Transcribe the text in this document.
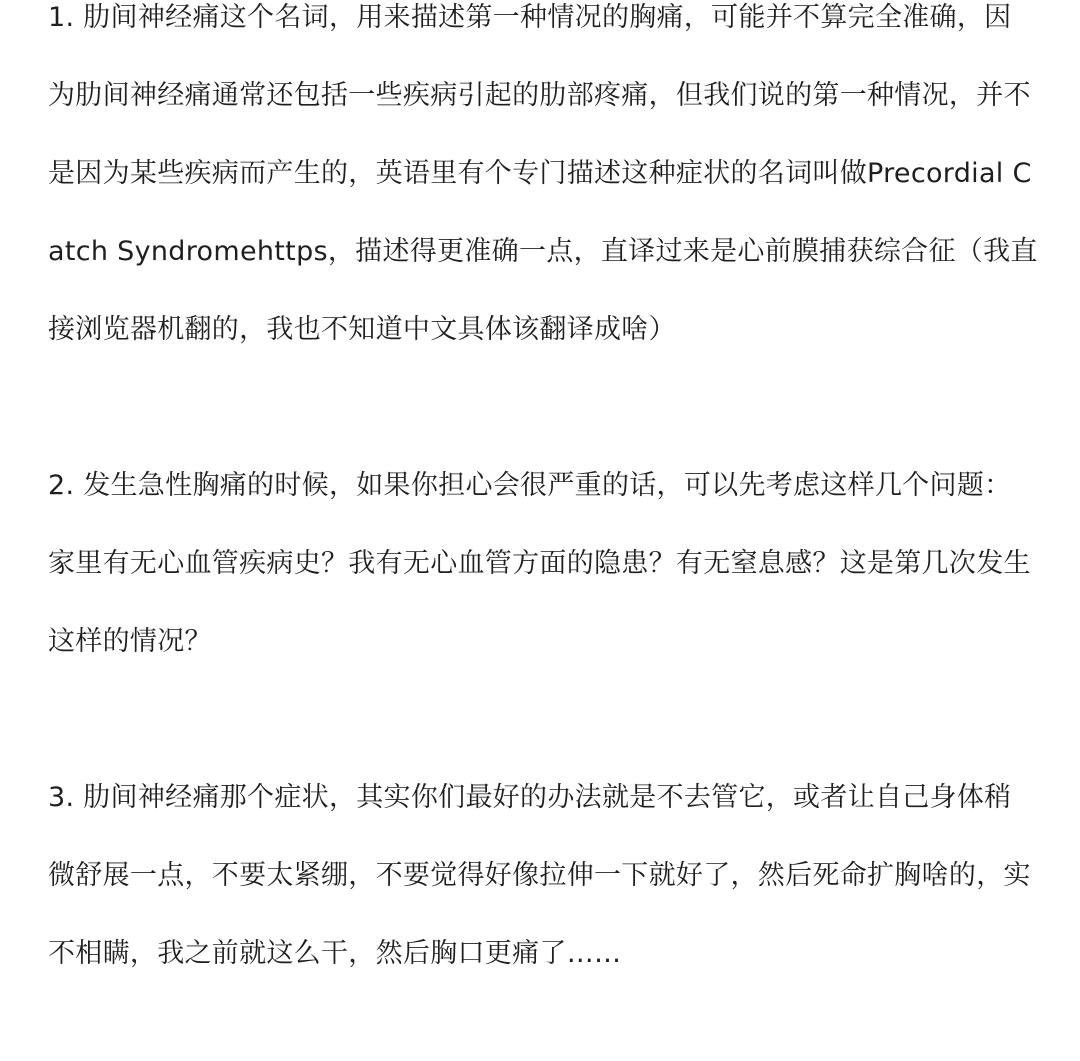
1. 肋间神经痛这个名词，用来描述第一种情况的胸痛，可能并不算完全准确，因为肋间神经痛通常还包括一些疾病引起的肋部疼痛，但我们说的第一种情况，并不是因为某些疾病而产生的，英语里有个专门描述这种症状的名词叫做Precordial Catch Syndromehttps，描述得更准确一点，直译过来是心前膜捕获综合征（我直接浏览器机翻的，我也不知道中文具体该翻译成啥）

2. 发生急性胸痛的时候，如果你担心会很严重的话，可以先考虑这样几个问题：家里有无心血管疾病史？我有无心血管方面的隐患？有无窒息感？这是第几次发生这样的情况？

3. 肋间神经痛那个症状，其实你们最好的办法就是不去管它，或者让自己身体稍微舒展一点，不要太紧绷，不要觉得好像拉伸一下就好了，然后死命扩胸啥的，实不相瞒，我之前就这么干，然后胸口更痛了……
